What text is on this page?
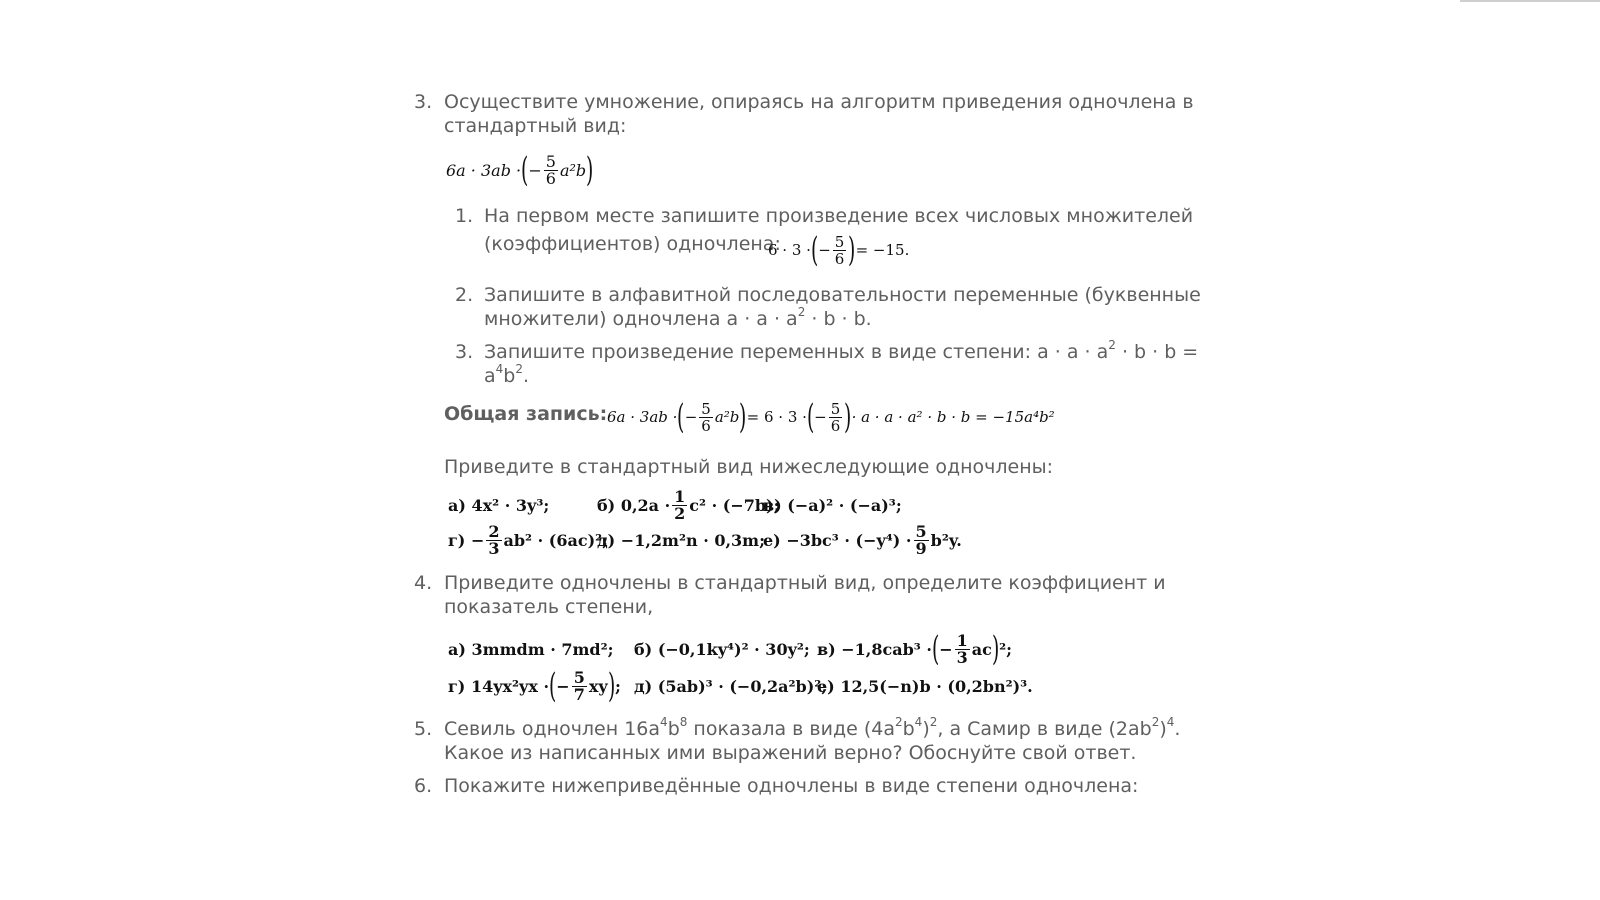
3. Осуществите умножение, опираясь на алгоритм приведения одночлена в
стандартный вид:
6a · 3ab · ( − $\frac{5}{6} a^2b$ )
1. На первом месте запишите произведение всех числовых множителей
(коэффициентов) одночлена:
6 · 3 · ( − $\frac{5}{6}$ ) = −15.
2. Запишите в алфавитной последовательности переменные (буквенные
множители) одночлена $a \cdot a \cdot a^2 \cdot b \cdot b$.
3. Запишите произведение переменных в виде степени: $a \cdot a \cdot a^2 \cdot b \cdot b$ =
$a^4b^2$.
Общая запись: 6a · 3ab · ( − $\frac{5}{6} a^2b$ ) = 6 · 3 · ( − $\frac{5}{6}$ ) · a · a · a² · b · b = −15a⁴b²
Приведите в стандартный вид нижеследующие одночлены:
а) 4x² · 3y³;	б) $0,2a \cdot \frac{1}{2} c^2 \cdot (-7b)$;
в) (−a)² · (−a)³;
$г) - \frac{2}{3} ab^2 \cdot (6ac)^2$;
д) −1,2m²n · 0,3m;
$е) -3bc^3 \cdot (-y^4) \cdot \frac{5}{9} b^2y$.
4. Приведите одночлены в стандартный вид, определите коэффициент и
показатель степени,
а) 3mmdm · 7md²; б) (−0,1ky⁴)² · 30y²; в) −1,8cab³ · ( − $\frac{1}{3}$ ac ) ²;
г) 14yx²yx · ( − $\frac{5}{7}$ xy ) ; д) (5ab)³ · (−0,2a²b)²;
е) 12,5(−n)b · (0,2bn²)³.
5. Севиль одночлен $16a^4b^8$ показала в виде $(4a^2b^4)^2$, а Самир в виде $(2ab^2)^4$.
Какое из написанных ими выражений верно? Обоснуйте свой ответ.
6. Покажите нижеприведённые одночлены в виде степени одночлена:
